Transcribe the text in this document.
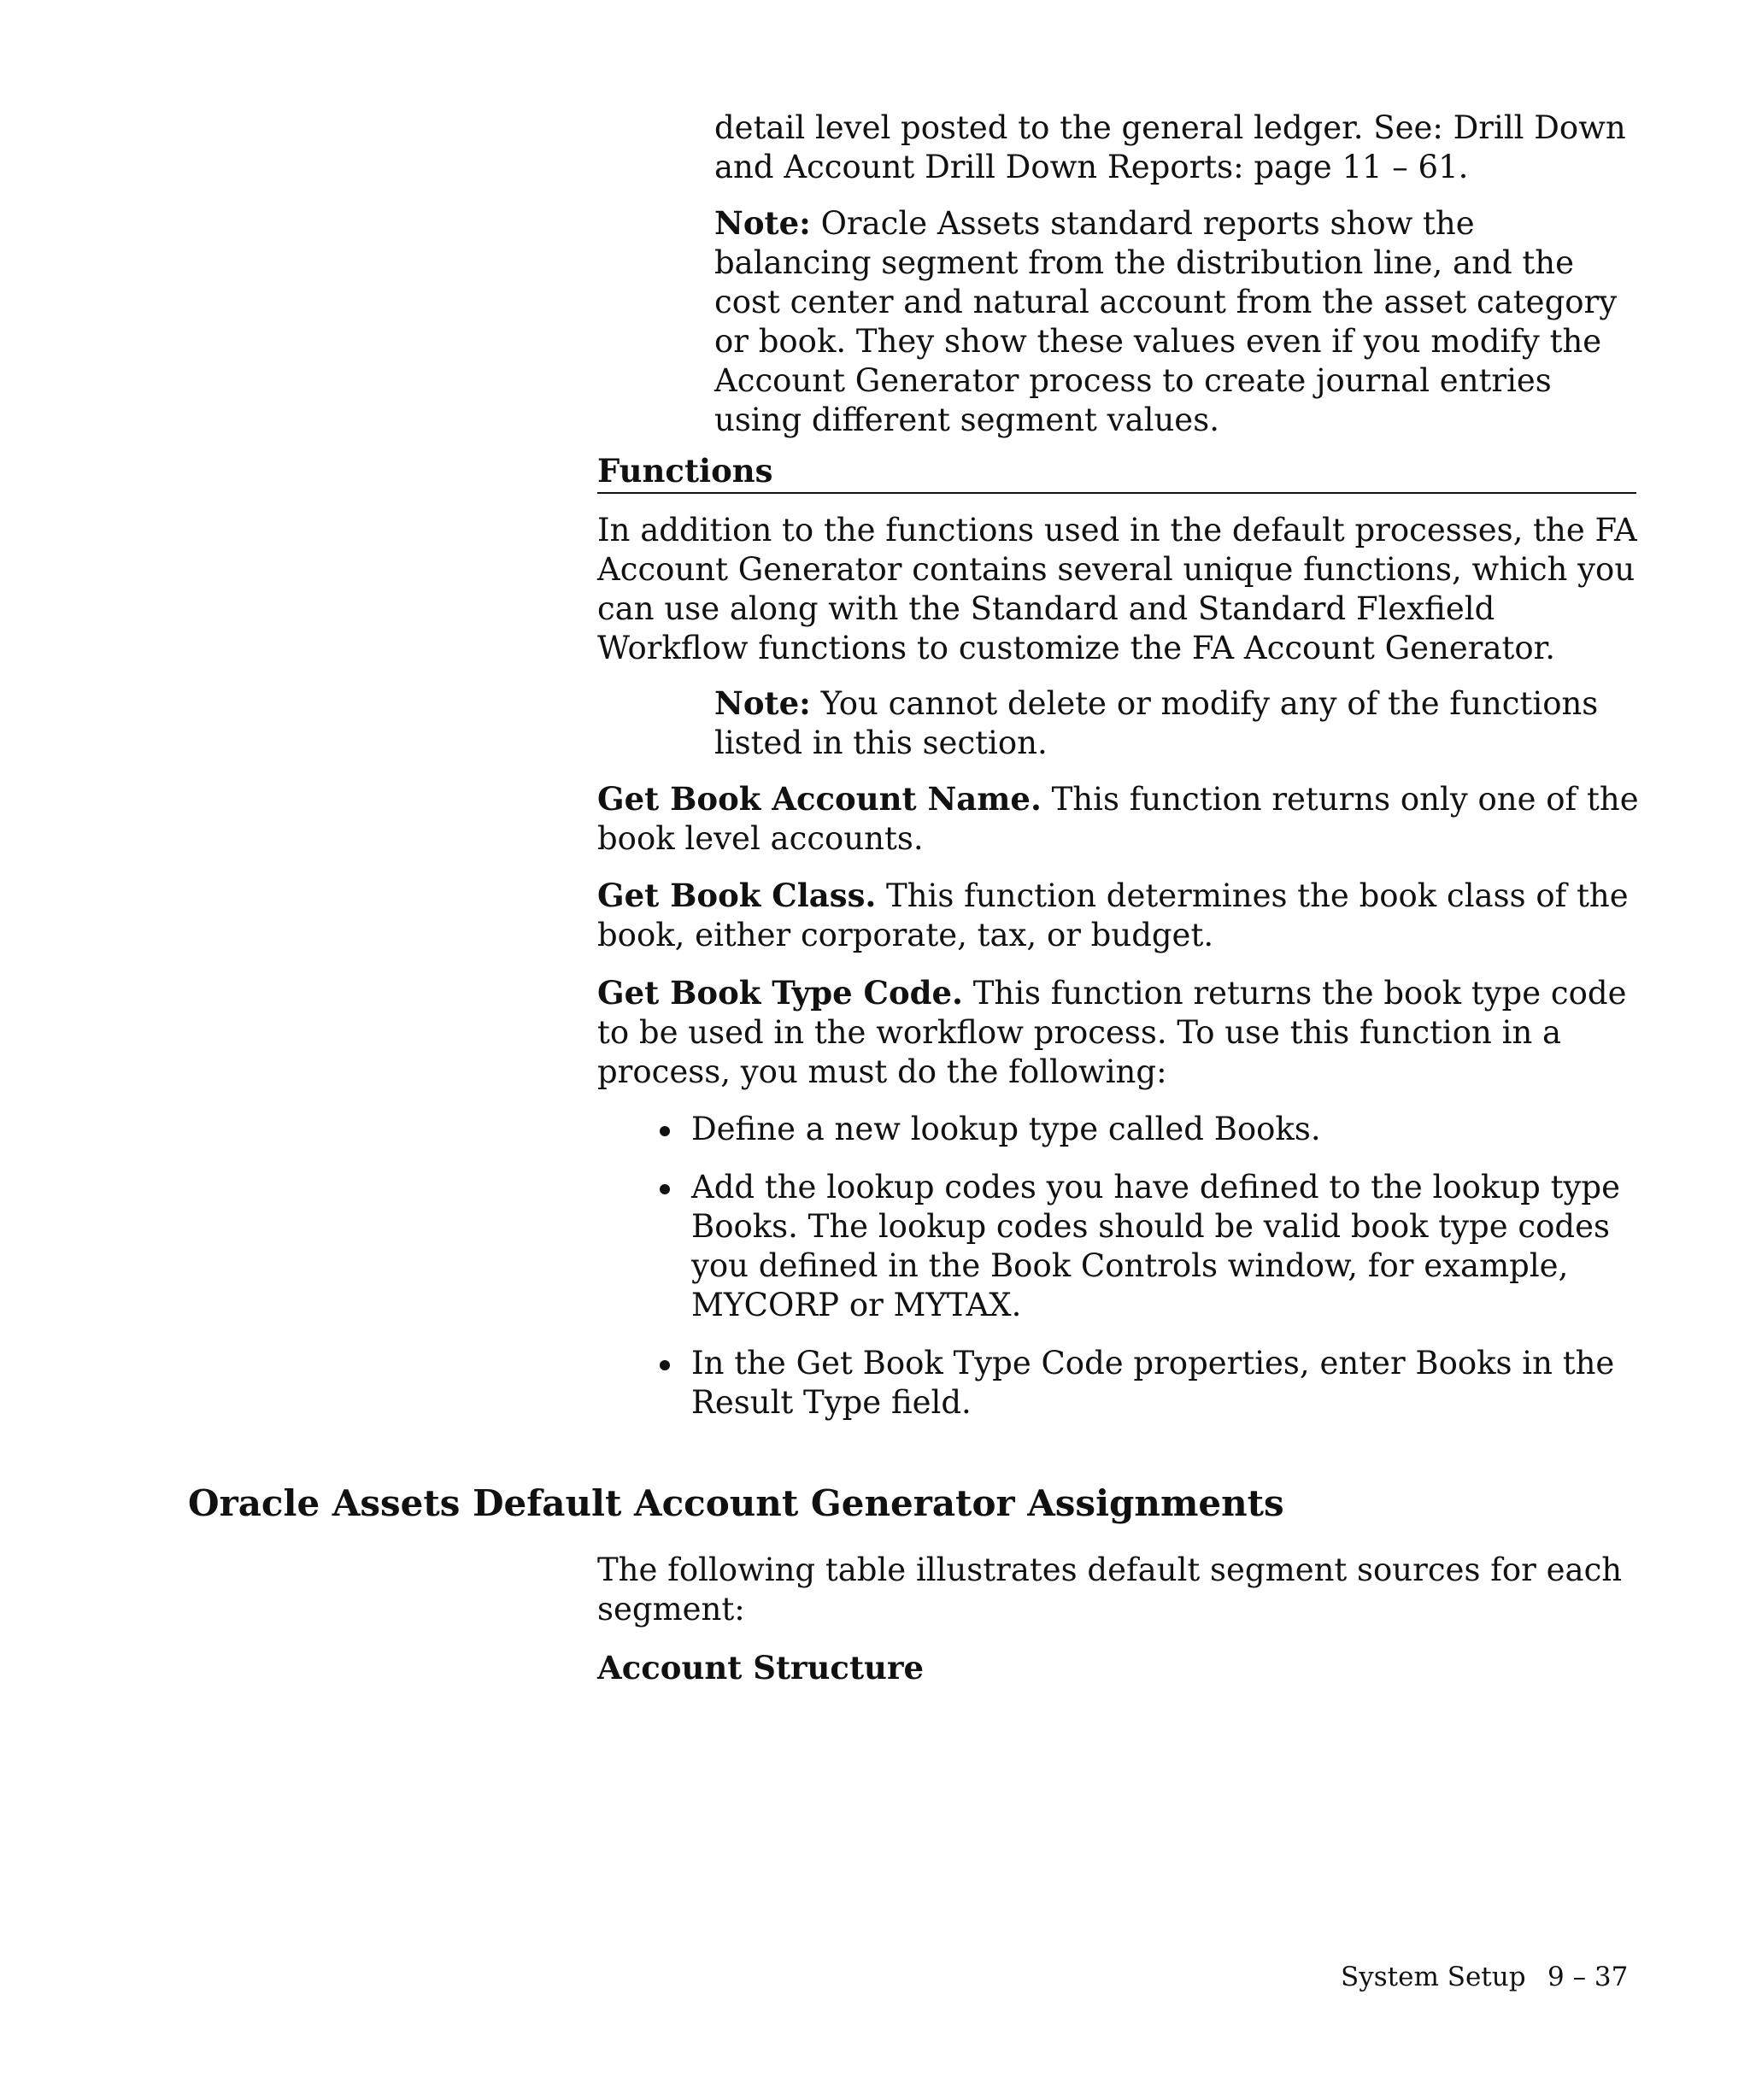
detail level posted to the general ledger. See: Drill Down and Account Drill Down Reports: page 11 – 61.

Note: Oracle Assets standard reports show the balancing segment from the distribution line, and the cost center and natural account from the asset category or book. They show these values even if you modify the Account Generator process to create journal entries using different segment values.

Functions

In addition to the functions used in the default processes, the FA Account Generator contains several unique functions, which you can use along with the Standard and Standard Flexfield Workflow functions to customize the FA Account Generator.

Note: You cannot delete or modify any of the functions listed in this section.

Get Book Account Name. This function returns only one of the book level accounts.

Get Book Class. This function determines the book class of the book, either corporate, tax, or budget.

Get Book Type Code. This function returns the book type code to be used in the workflow process. To use this function in a process, you must do the following:

Define a new lookup type called Books.
Add the lookup codes you have defined to the lookup type Books. The lookup codes should be valid book type codes you defined in the Book Controls window, for example, MYCORP or MYTAX.
In the Get Book Type Code properties, enter Books in the Result Type field.
Oracle Assets Default Account Generator Assignments

The following table illustrates default segment sources for each segment:

Account Structure

System Setup 9 – 37
